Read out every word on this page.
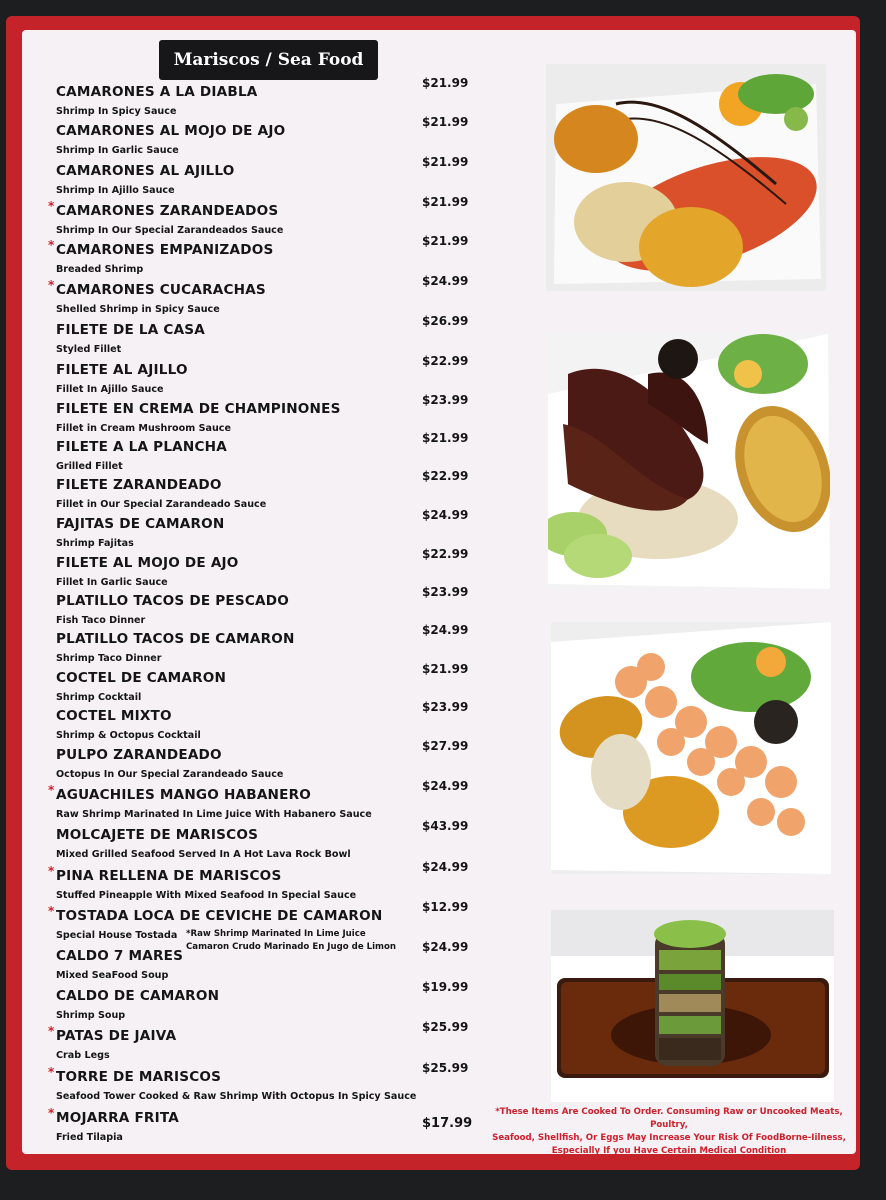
Mariscos / Sea Food
CAMARONES A LA DIABLA
Shrimp In Spicy Sauce
$21.99
CAMARONES AL MOJO DE AJO
Shrimp In Garlic Sauce
$21.99
CAMARONES AL AJILLO
Shrimp In Ajillo Sauce
$21.99
* CAMARONES ZARANDEADOS
Shrimp In Our Special Zarandeados Sauce
$21.99
* CAMARONES EMPANIZADOS
Breaded Shrimp
$21.99
* CAMARONES CUCARACHAS
Shelled Shrimp in Spicy Sauce
$24.99
FILETE DE LA CASA
Styled Fillet
$26.99
FILETE AL AJILLO
Fillet In Ajillo Sauce
$22.99
FILETE EN CREMA DE CHAMPINONES
Fillet in Cream Mushroom Sauce
$23.99
FILETE A LA PLANCHA
Grilled Fillet
$21.99
FILETE ZARANDEADO
Fillet in Our Special Zarandeado Sauce
$22.99
FAJITAS DE CAMARON
Shrimp Fajitas
$24.99
FILETE AL MOJO DE AJO
Fillet In Garlic Sauce
$22.99
PLATILLO TACOS DE PESCADO
Fish Taco Dinner
$23.99
PLATILLO TACOS DE CAMARON
Shrimp Taco Dinner
$24.99
COCTEL DE CAMARON
Shrimp Cocktail
$21.99
COCTEL MIXTO
Shrimp & Octopus Cocktail
$23.99
PULPO ZARANDEADO
Octopus In Our Special Zarandeado Sauce
$27.99
* AGUACHILES MANGO HABANERO
Raw Shrimp Marinated In Lime Juice With Habanero Sauce
$24.99
MOLCAJETE DE MARISCOS
Mixed Grilled Seafood Served In A Hot Lava Rock Bowl
$43.99
* PINA RELLENA DE MARISCOS
Stuffed Pineapple With Mixed Seafood In Special Sauce
$24.99
* TOSTADA LOCA DE CEVICHE DE CAMARON
Special House Tostada
$12.99
CALDO 7 MARES
Mixed SeaFood Soup
$24.99
CALDO DE CAMARON
Shrimp Soup
$19.99
* PATAS DE JAIVA
Crab Legs
$25.99
* TORRE DE MARISCOS
Seafood Tower Cooked & Raw Shrimp With Octopus In Spicy Sauce
$25.99
* MOJARRA FRITA
Fried Tilapia
$17.99
*Raw Shrimp Marinated In Lime Juice
Camaron Crudo Marinado En Jugo de Limon
*These Items Are Cooked To Order. Consuming Raw or Uncooked Meats, Poultry,
Seafood, Shellfish, Or Eggs May Increase Your Risk Of FoodBorne-Iilness,
Especially If you Have Certain Medical Condition
